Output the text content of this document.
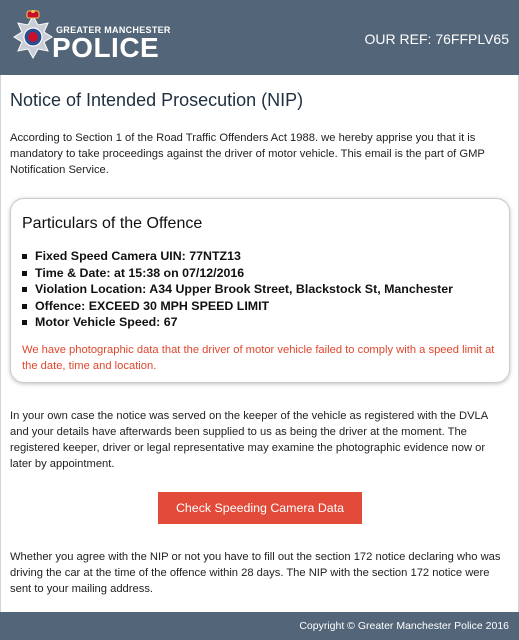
GREATER MANCHESTER
POLICE	OUR REF: 76FFPLV65
Notice of Intended Prosecution (NIP)

According to Section 1 of the Road Traffic Offenders Act 1988. we hereby apprise you that it is mandatory to take proceedings against the driver of motor vehicle. This email is the part of GMP Notification Service.

Particulars of the Offence
Fixed Speed Camera UIN: 77NTZ13
Time & Date: at 15:38 on 07/12/2016
Violation Location: A34 Upper Brook Street, Blackstock St, Manchester
Offence: EXCEED 30 MPH SPEED LIMIT
Motor Vehicle Speed: 67

We have photographic data that the driver of motor vehicle failed to comply with a speed limit at the date, time and location.

In your own case the notice was served on the keeper of the vehicle as registered with the DVLA and your details have afterwards been supplied to us as being the driver at the moment. The registered keeper, driver or legal representative may examine the photographic evidence now or later by appointment.

Check Speeding Camera Data

Whether you agree with the NIP or not you have to fill out the section 172 notice declaring who was driving the car at the time of the offence within 28 days. The NIP with the section 172 notice were sent to your mailing address.

Copyright © Greater Manchester Police 2016
